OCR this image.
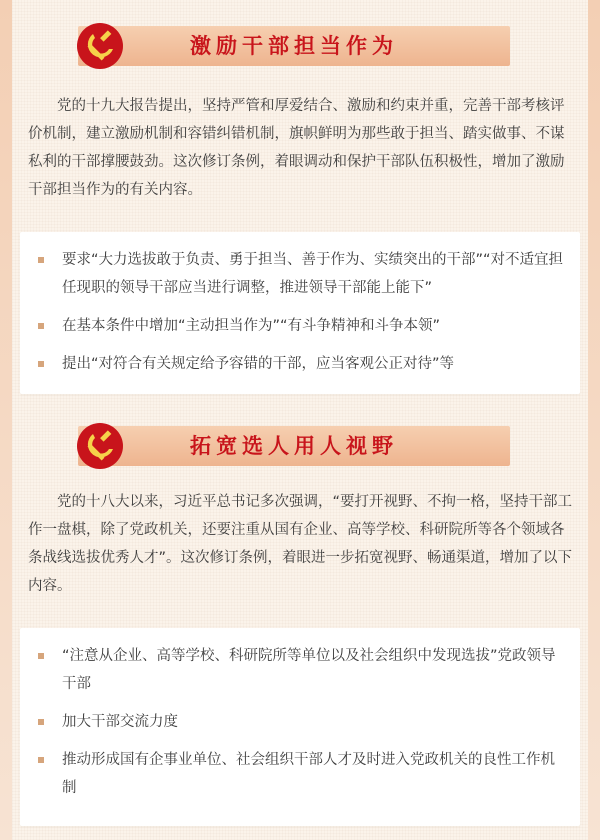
激励干部担当作为

党的十九大报告提出，坚持严管和厚爱结合、激励和约束并重，完善干部考核评价机制，建立激励机制和容错纠错机制，旗帜鲜明为那些敢于担当、踏实做事、不谋私利的干部撑腰鼓劲。这次修订条例，着眼调动和保护干部队伍积极性，增加了激励干部担当作为的有关内容。

要求“大力选拔敢于负责、勇于担当、善于作为、实绩突出的干部”“对不适宜担任现职的领导干部应当进行调整，推进领导干部能上能下”
在基本条件中增加“主动担当作为”“有斗争精神和斗争本领”
提出“对符合有关规定给予容错的干部，应当客观公正对待”等
拓宽选人用人视野

党的十八大以来，习近平总书记多次强调，“要打开视野、不拘一格，坚持干部工作一盘棋，除了党政机关，还要注重从国有企业、高等学校、科研院所等各个领域各条战线选拔优秀人才”。这次修订条例，着眼进一步拓宽视野、畅通渠道，增加了以下内容。

“注意从企业、高等学校、科研院所等单位以及社会组织中发现选拔”党政领导干部
加大干部交流力度
推动形成国有企事业单位、社会组织干部人才及时进入党政机关的良性工作机制
